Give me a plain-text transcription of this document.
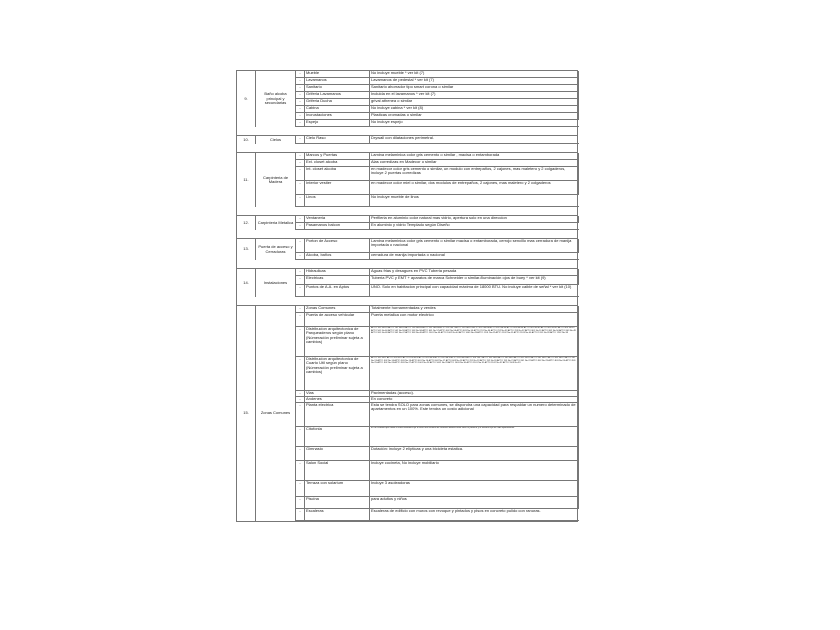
9.
Baño alcoba principal y secundarias
-	Mueble	No incluye mueble * ver kit (7)
-	Lavamanos	Lavamanos de pedestal * ver kit (7)
-	Sanitario	Sanitario ahorrador tipo smart corona o similar
-	Griferia Lavamanos	Incluida en el lavamanos * ver kit (7)
-	Griferia Ducha	grival athenea o similar
-	Cabina	No incluye cabina * ver kit (8)
-	Incrustaciones	Plasticas cromadas o similar
-	Espejo	No incluye espejo
10.	Cielos	-	Cielo Raso	Drywall con dilataciones perimetral.
11.	Carpinteria de Madera
-	Marcos y Puertas	Lamina melaminica color gris cemento o similar , macisa o entamborada
-	Ext. closet alcoba	Alas corredizas en Madecor o similar
-	Int. closet alcoba	en madecor color gris cemento o similar, un modulo con entrepaños, 2 cajones, mas maletero y 2 colgaderos, incluye 2 puertas corredizas
-	Interior vestier	en madecor color miel o similar, dos modulos de entrepaños, 2 cajones, mas maletero y 2 colgaderos
-	Linos	No incluye mueble de linos
12.	Carpinteria Metalica
-	Ventaneria	Perfileria en aluminio color natural mas vidrio, apertura solo en una direccion
-	Pasamanos balcon	En aluminio y vidrio Templado según Diseño
13.	Puerta de acceso y Cerraduras
-	Porton de Acceso	Lamina melaminica color gris cemento o similar macisa o entamborada, cerrojo sencillo mas cerradura de manija importada o nacional
-	Alcoba, baños	cerradura de manija importada o nacional
14.	Instalaciones
-	Hidraulicas	Aguas frias y desagues en PVC Tuberia pesada
-	Electricas	Tuberia PVC y EMT + aparatos de marca Schneider o similar./iluminación ojos de buey * ver kit (9)
-	Puntos de A.A. en Aptos	UNO. Solo en habitacion principal con capacidad máxima de 18000 BTU. No incluye caible de señal * ver kit (10)
15.	Zonas Comunes
-	Zonas Comunes	Totalmente hornamentadas y verdes
-	Puerta de acceso vehicular	Puerta metalica con motor electrico
-	Distribucion arquitectonica de Parqueaderos según plano (Númeración preliminar sujeta a cambios)
APTO 101 No.10 APTO 102 No.16 APTO 103 No.69 APTO 201 No.68 APTO 202 No.7 APTO 203 No.67 APTO 301 No.66 APTO 302 No.65 APTO 303 No.64 APTO 401 No.63 APTO 402 No.62 APTO 403 No.61 APTO 501 No.60 APTO 502 No.59 APTO 503 No.58 APTO 601 No.57 APTO 602 No.56 APTO 603 No.55 APTO 701 No.54 APTO 702 No.53 APTO 703 No.52 APTO 801 No.51 APTO 802 No.50 APTO 803 No.49 APTO 901 No.48 APTO 902 No.47 APTO 903 No.46 APTO 1001 No.45 APTO 1002 No.44 APTO 1003 No.43 APTO 1101 No.42 APTO 1102 No.41 APTO 1103 No.40 APTO 1201 No.39 APTO 1202 No.38
-	Distribucion arquitectonica de Cuarto Util según plano (Númeración preliminar sujeta a cambios)
APTO 101 No.1 APTO 102 No.2 APTO 103 No.3 APTO 201 No.4 APTO 202 No.5 APTO 203 No.6 APTO 301 No.7 APTO 302 No.8 APTO 303 No.9 APTO 401 No.10 APTO 402 No.11 APTO 403 No.12 APTO 501 No.13 APTO 502 No.14 APTO 503 No.15 APTO 601 No.16 APTO 602 No.17 APTO 603 No.18 APTO 701 No.19 APTO 702 No.20 APTO 703 No.21 APTO 801 No.22 APTO 802 No.23 APTO 803 No.24 APTO 901 No.25 APTO 902 No.26 APTO 903 No.27 APTO 1001 No.28 APTO 1002 No.29 APTO 1003 No.30 APTO 1101 No.31 APTO 1102 No.32 APTO 1103 No.33
-	Vias	Pavimentadas (acceso).
-	Andenes	En concreto
-	Planta electrica	Esta se tendra SOLO para zonas comunes, se dispondra una capacidad para respaldar un numero determinado de apartamentos en un 100%. Este tendra un costo adicional
-	Citofonia	Es un sistema que utiliza la línea telefónica fija o móvil una terminal de citofonía bidireccional entre la portería y el teléfono fijo de cada apartamento
-	Gimnasio	Dotación: incluye 2 elípticas y una bicicleta estatica.
-	Salon Social	Incluye cocineta, No incluye mobiliario
-	Terraza con solarium	Incluye 3 asoleadoras
-	Piscina	para adultos y niños
-	Escaleras	Escaleras de edificio con muros con revoque y pintados y pisos en concreto pulido con ranuras.
